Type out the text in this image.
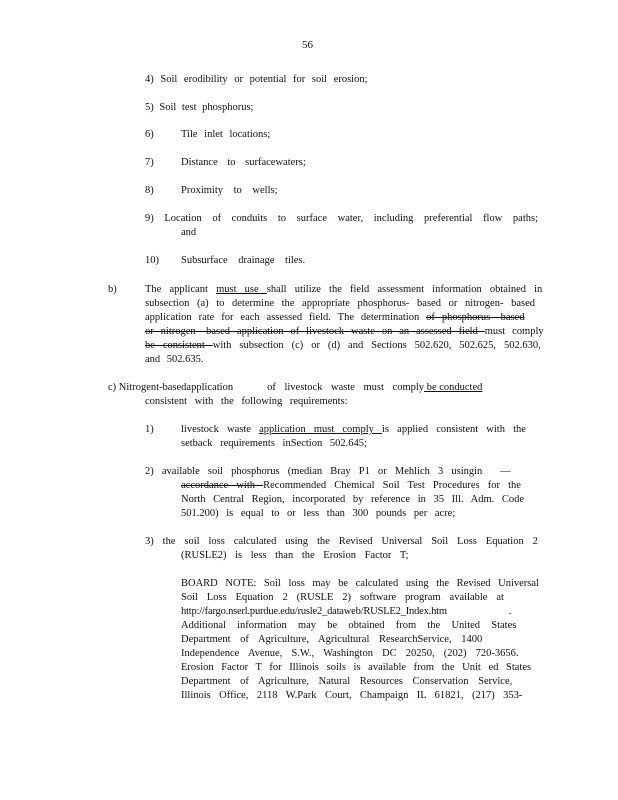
56
4) Soil erodibility or potential for soil erosion;
5) Soil test phosphorus;
6)	Tile inlet locations;
7)	Distance to surfacewaters;
8)	Proximity to wells;
9) Location of conduits to surface water, including preferential flow paths;
and
10) Subsurface drainage tiles.
b)	The applicant must use shall utilize the field assessment information obtained in
subsection (a) to determine the appropriate phosphorus- based or nitrogen- based
application rate for each assessed field. The determination of phosphorus- based
or nitrogen- based application of livestock waste on an assessed field must comply
be consistent with subsection (c) or (d) and Sections 502.620, 502.625, 502.630,
and 502.635.
c) Nitrogent-basedapplication	of livestock waste must comply be conducted
consistent with the following requirements:
1)	livestock waste application must comply is applied consistent with the
setback requirements inSection 502.645;
2) available soil phosphorus (median Bray P1 or Mehlich 3 usingin —
accordance with Recommended Chemical Soil Test Procedures for the
North Central Region, incorporated by reference in 35 Ill. Adm. Code
501.200) is equal to or less than 300 pounds per acre;
3) the soil loss calculated using the Revised Universal Soil Loss Equation 2
(RUSLE2) is less than the Erosion Factor T;
BOARD NOTE: Soil loss may be calculated using the Revised Universal
Soil Loss Equation 2 (RUSLE 2) software program available at
http://fargo.nserl.purdue.edu/rusle2_dataweb/RUSLE2_Index.htm	.
Additional information may be obtained from the United States
Department of Agriculture, Agricultural ResearchService, 1400
Independence Avenue, S.W., Washington DC 20250, (202) 720-3656.
Erosion Factor T for Illinois soils is available from the Unit ed States
Department of Agriculture, Natural Resources Conservation Service,
Illinois Office, 2118 W.Park Court, Champaign IL 61821, (217) 353-
